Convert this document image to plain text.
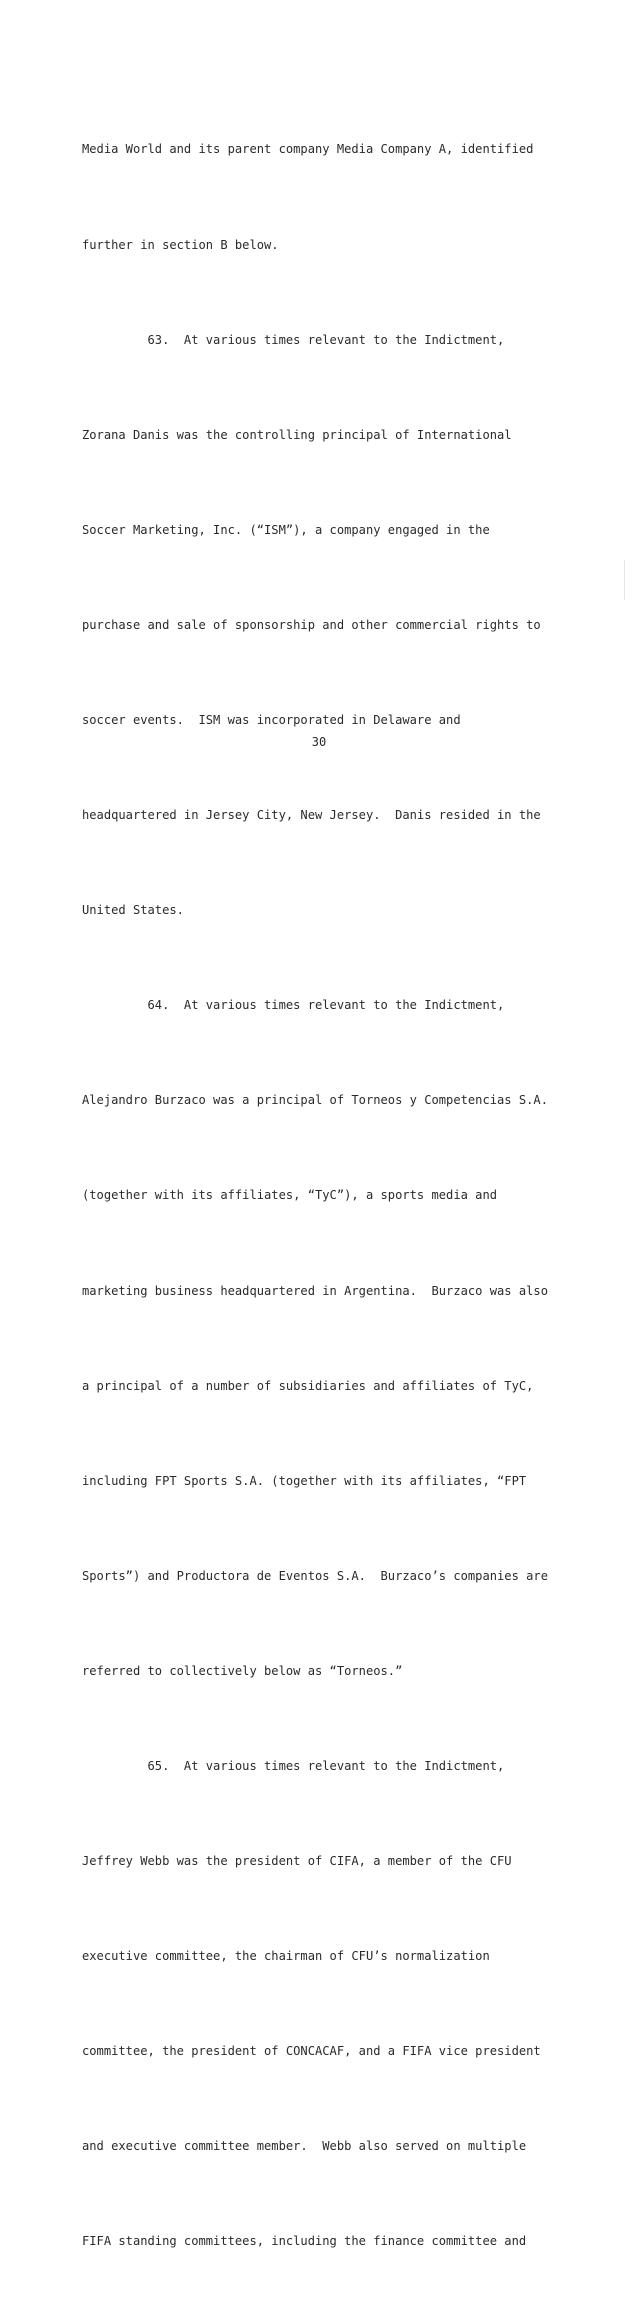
Media World and its parent company Media Company A, identified

further in section B below.

63.  At various times relevant to the Indictment,

Zorana Danis was the controlling principal of International

Soccer Marketing, Inc. (“ISM”), a company engaged in the

purchase and sale of sponsorship and other commercial rights to

soccer events.  ISM was incorporated in Delaware and

headquartered in Jersey City, New Jersey.  Danis resided in the

United States.

64.  At various times relevant to the Indictment,

Alejandro Burzaco was a principal of Torneos y Competencias S.A.

(together with its affiliates, “TyC”), a sports media and

marketing business headquartered in Argentina.  Burzaco was also

a principal of a number of subsidiaries and affiliates of TyC,

including FPT Sports S.A. (together with its affiliates, “FPT

Sports”) and Productora de Eventos S.A.  Burzaco’s companies are

referred to collectively below as “Torneos.”

65.  At various times relevant to the Indictment,

Jeffrey Webb was the president of CIFA, a member of the CFU

executive committee, the chairman of CFU’s normalization

committee, the president of CONCACAF, and a FIFA vice president

and executive committee member.  Webb also served on multiple

FIFA standing committees, including the finance committee and

30
